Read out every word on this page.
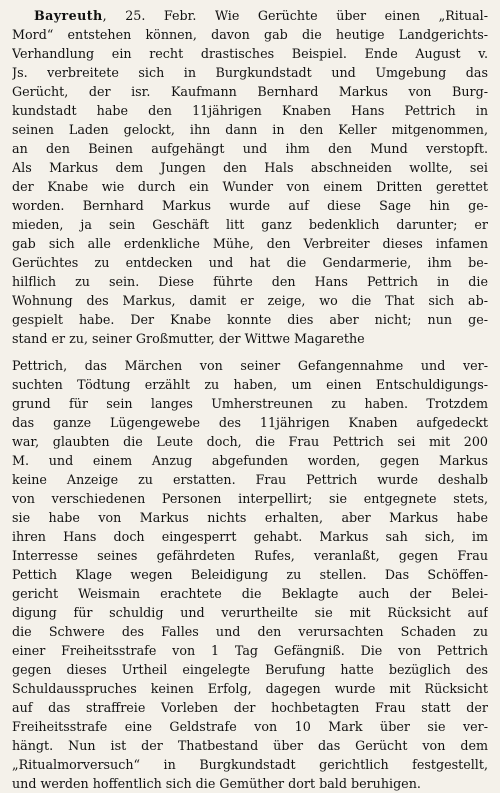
Bayreuth, 25. Febr. Wie Gerüchte über einen „Ritual-
Mord“ entstehen können, davon gab die heutige Landgerichts-
Verhandlung ein recht drastisches Beispiel. Ende August v.
Js. verbreitete sich in Burgkundstadt und Umgebung das
Gerücht, der isr. Kaufmann Bernhard Markus von Burg-
kundstadt habe den 11jährigen Knaben Hans Pettrich in
seinen Laden gelockt, ihn dann in den Keller mitgenommen,
an den Beinen aufgehängt und ihm den Mund verstopft.
Als Markus dem Jungen den Hals abschneiden wollte, sei
der Knabe wie durch ein Wunder von einem Dritten gerettet
worden. Bernhard Markus wurde auf diese Sage hin ge-
mieden, ja sein Geschäft litt ganz bedenklich darunter; er
gab sich alle erdenkliche Mühe, den Verbreiter dieses infamen
Gerüchtes zu entdecken und hat die Gendarmerie, ihm be-
hilflich zu sein. Diese führte den Hans Pettrich in die
Wohnung des Markus, damit er zeige, wo die That sich ab-
gespielt habe. Der Knabe konnte dies aber nicht; nun ge-
stand er zu, seiner Großmutter, der Wittwe Magarethe
Pettrich, das Märchen von seiner Gefangennahme und ver-
suchten Tödtung erzählt zu haben, um einen Entschuldigungs-
grund für sein langes Umherstreunen zu haben. Trotzdem
das ganze Lügengewebe des 11jährigen Knaben aufgedeckt
war, glaubten die Leute doch, die Frau Pettrich sei mit 200
M. und einem Anzug abgefunden worden, gegen Markus
keine Anzeige zu erstatten. Frau Pettrich wurde deshalb
von verschiedenen Personen interpellirt; sie entgegnete stets,
sie habe von Markus nichts erhalten, aber Markus habe
ihren Hans doch eingesperrt gehabt. Markus sah sich, im
Interresse seines gefährdeten Rufes, veranlaßt, gegen Frau
Pettich Klage wegen Beleidigung zu stellen. Das Schöffen-
gericht Weismain erachtete die Beklagte auch der Belei-
digung für schuldig und verurtheilte sie mit Rücksicht auf
die Schwere des Falles und den verursachten Schaden zu
einer Freiheitsstrafe von 1 Tag Gefängniß. Die von Pettrich
gegen dieses Urtheil eingelegte Berufung hatte bezüglich des
Schuldausspruches keinen Erfolg, dagegen wurde mit Rücksicht
auf das straffreie Vorleben der hochbetagten Frau statt der
Freiheitsstrafe eine Geldstrafe von 10 Mark über sie ver-
hängt. Nun ist der Thatbestand über das Gerücht von dem
„Ritualmorversuch“ in Burgkundstadt gerichtlich festgestellt,
und werden hoffentlich sich die Gemüther dort bald beruhigen.
